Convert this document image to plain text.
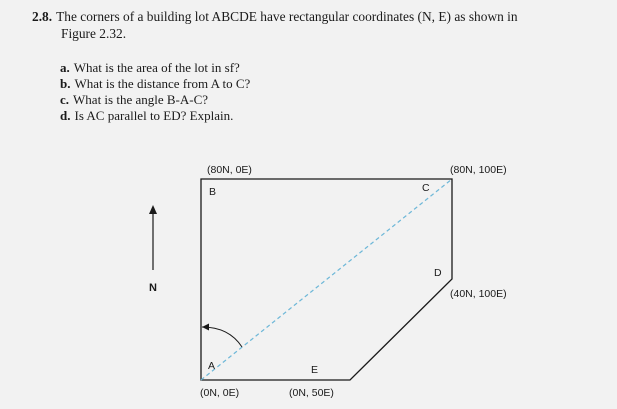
2.8. The corners of a building lot ABCDE have rectangular coordinates (N, E) as shown in
Figure 2.32.
a. What is the area of the lot in sf?
b. What is the distance from A to C?
c. What is the angle B-A-C?
d. Is AC parallel to ED? Explain.
N
B	C
D
A	E
(80N, 0E)	(80N, 100E)
(40N, 100E)
(0N, 0E)	(0N, 50E)
